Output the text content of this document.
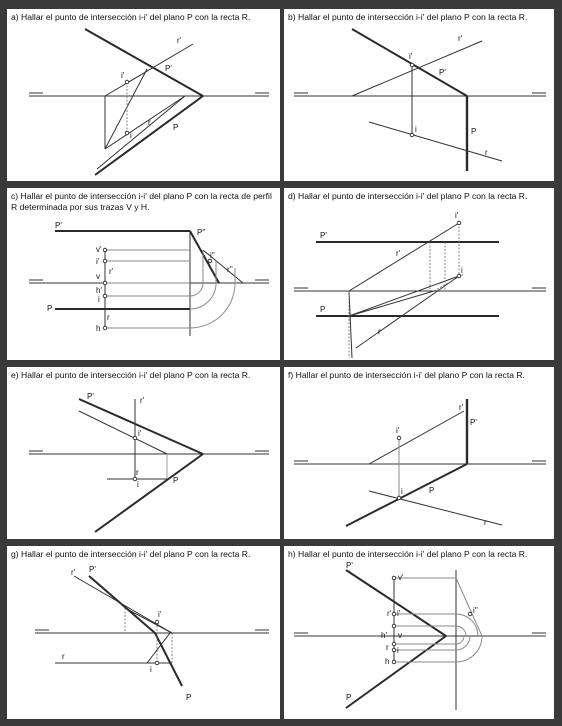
a) Hallar el punto de intersección i-i' del plano P con la recta R.
r'
P'
i'
i
r
P
b) Hallar el punto de intersección i-i' del plano P con la recta R.
r'
i'
P'
i	P
r
c) Hallar el punto de intersección i-i' del plano P con la recta de perfil R determinada por sus trazas V y H.
P'
P''
v'
i'
v
r'
i''
r''
h'
i
P
r
h
d) Hallar el punto de intersección i-i' del plano P con la recta R.
i'
P'
r'
i
P
r
e) Hallar el punto de intersección i-i' del plano P con la recta R.
P'	r'
i'
r
i	P
f) Hallar el punto de intersección i-i' del plano P con la recta R.
r'
P'
i'
i	P
r
g) Hallar el punto de intersección i-i' del plano P con la recta R.
r' P'
i'
r
i
P
h) Hallar el punto de intersección i-i' del plano P con la recta R.
P'
v'
r' i'	i''
h' v
r i
h
P
